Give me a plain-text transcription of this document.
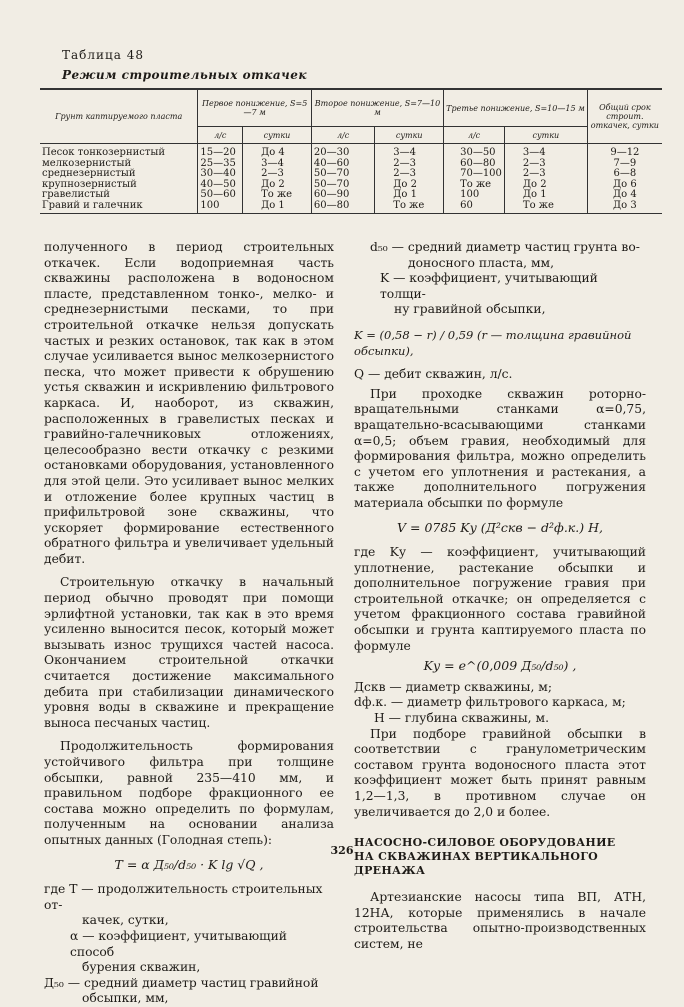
Таблица 48
Режим строительных откачек
Грунт каптируемого пласта	Первое понижение, S=5—7 м		Второе понижение, S=7—10 м		Третье понижение, S=10—15 м		Общий срок строит. откачек, сутки
	л/с	сутки	л/с	сутки	л/с	сутки	
Песок тонкозернистый	15—20	До 4	20—30	3—4	30—50	3—4	9—12
мелкозернистый	25—35	3—4	40—60	2—3	60—80	2—3	7—9
среднезернистый	30—40	2—3	50—70	2—3	70—100	2—3	6—8
крупнозернистый	40—50	До 2	50—70	До 2	То же	До 2	До 6
гравелистый	50—60	То же	60—90	До 1	100	До 1	До 4
Гравий и галечник	100	До 1	60—80	То же	60	То же	До 3

полученного в период строительных откачек. Если водоприемная часть скважины расположена в водоносном пласте, представленном тонко-, мелко- и среднезернистыми песками, то при строительной откачке нельзя допускать частых и резких остановок, так как в этом случае усиливается вынос мелкозернистого песка, что может привести к обрушению устья скважин и искривлению фильтрового каркаса. И, наоборот, из скважин, расположенных в гравелистых песках и гравийно-галечниковых отложениях, целесообразно вести откачку с резкими остановками оборудования, установленного для этой цели. Это усиливает вынос мелких и отложение более крупных частиц в прифильтровой зоне скважины, что ускоряет формирование естественного обратного фильтра и увеличивает удельный дебит.

Строительную откачку в начальный период обычно проводят при помощи эрлифтной установки, так как в это время усиленно выносится песок, который может вызывать износ трущихся частей насоса. Окончанием строительной откачки считается достижение максимального дебита при стабилизации динамического уровня воды в скважине и прекращение выноса песчаных частиц.

Продолжительность формирования устойчивого фильтра при толщине обсыпки, равной 235—410 мм, и правильном подборе фракционного ее состава можно определить по формулам, полученным на основании анализа опытных данных (Голодная степь):

T = α Д₅₀/d₅₀ · K lg √Q ,
где T — продолжительность строительных от-
качек, сутки,
α — коэффициент, учитывающий способ
бурения скважин,
Д₅₀ — средний диаметр частиц гравийной
обсыпки, мм,
d₅₀ — средний диаметр частиц грунта во-
доносного пласта, мм,
K — коэффициент, учитывающий толщи-
ну гравийной обсыпки,
K = (0,58 − r) / 0,59 (r — толщина гравийной обсыпки),

Q — дебит скважин, л/с.

При проходке скважин роторно-вращательными станками α=0,75, вращательно-всасывающими станками α=0,5; объем гравия, необходимый для формирования фильтра, можно определить с учетом его уплотнения и растекания, а также дополнительного погружения материала обсыпки по формуле

V = 0785 Kу (Д²скв − d²ф.к.) H,

где Kу — коэффициент, учитывающий уплотнение, растекание обсыпки и дополнительное погружение гравия при строительной откачке; он определяется с учетом фракционного состава гравийной обсыпки и грунта каптируемого пласта по формуле

Kу = e^(0,009 Д₅₀/d₅₀) ,

Дскв — диаметр скважины, м;

dф.к. — диаметр фильтрового каркаса, м;

H — глубина скважины, м.

При подборе гравийной обсыпки в соответствии с гранулометрическим составом грунта водоносного пласта этот коэффициент может быть принят равным 1,2—1,3, в противном случае он увеличивается до 2,0 и более.

НАСОСНО-СИЛОВОЕ ОБОРУДОВАНИЕ
НА СКВАЖИНАХ ВЕРТИКАЛЬНОГО ДРЕНАЖА

Артезианские насосы типа ВП, АТН, 12НА, которые применялись в начале строительства опытно-производственных систем, не

326
